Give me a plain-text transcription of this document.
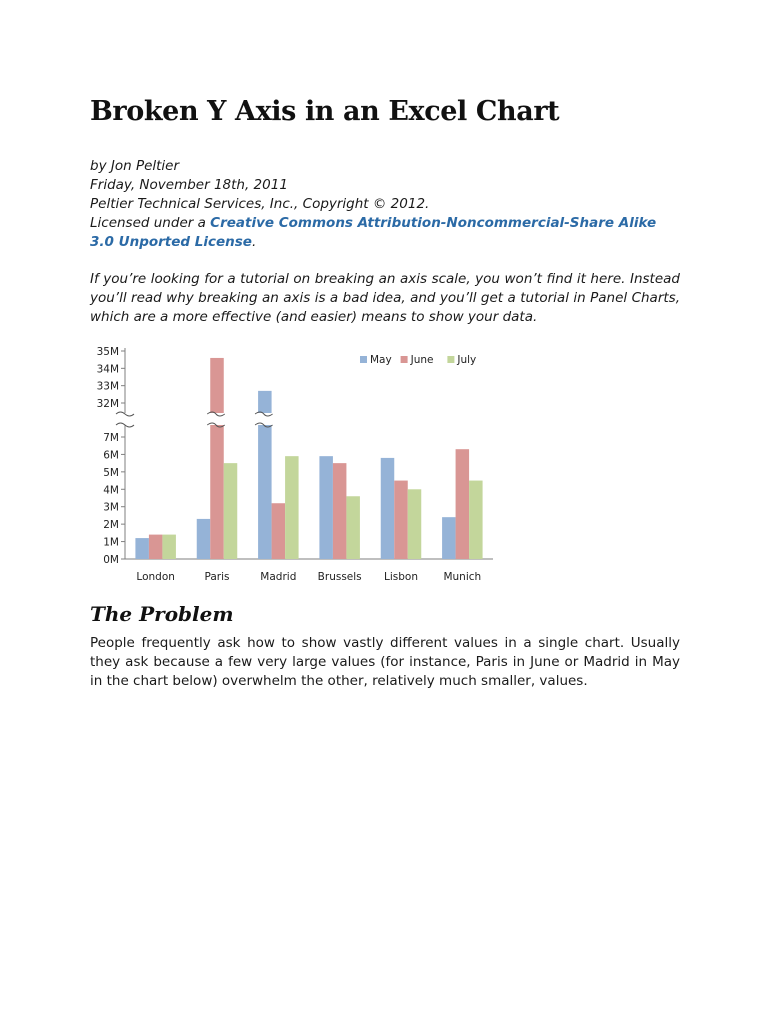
Broken Y Axis in an Excel Chart
by Jon Peltier
Friday, November 18th, 2011
Peltier Technical Services, Inc., Copyright © 2012.
Licensed under a Creative Commons Attribution-Noncommercial-Share Alike 3.0 Unported License.
If you’re looking for a tutorial on breaking an axis scale, you won’t find it here. Instead you’ll read why breaking an axis is a bad idea, and you’ll get a tutorial in Panel Charts, which are a more effective (and easier) means to show your data.
0M
1M
2M
3M
4M
5M
6M
7M
32M
33M
34M
35M
London	Paris	Madrid Brussels Lisbon Munich
May June July
The Problem
People frequently ask how to show vastly different values in a single chart. Usually they ask because a few very large values (for instance, Paris in June or Madrid in May in the chart below) overwhelm the other, relatively much smaller, values.
